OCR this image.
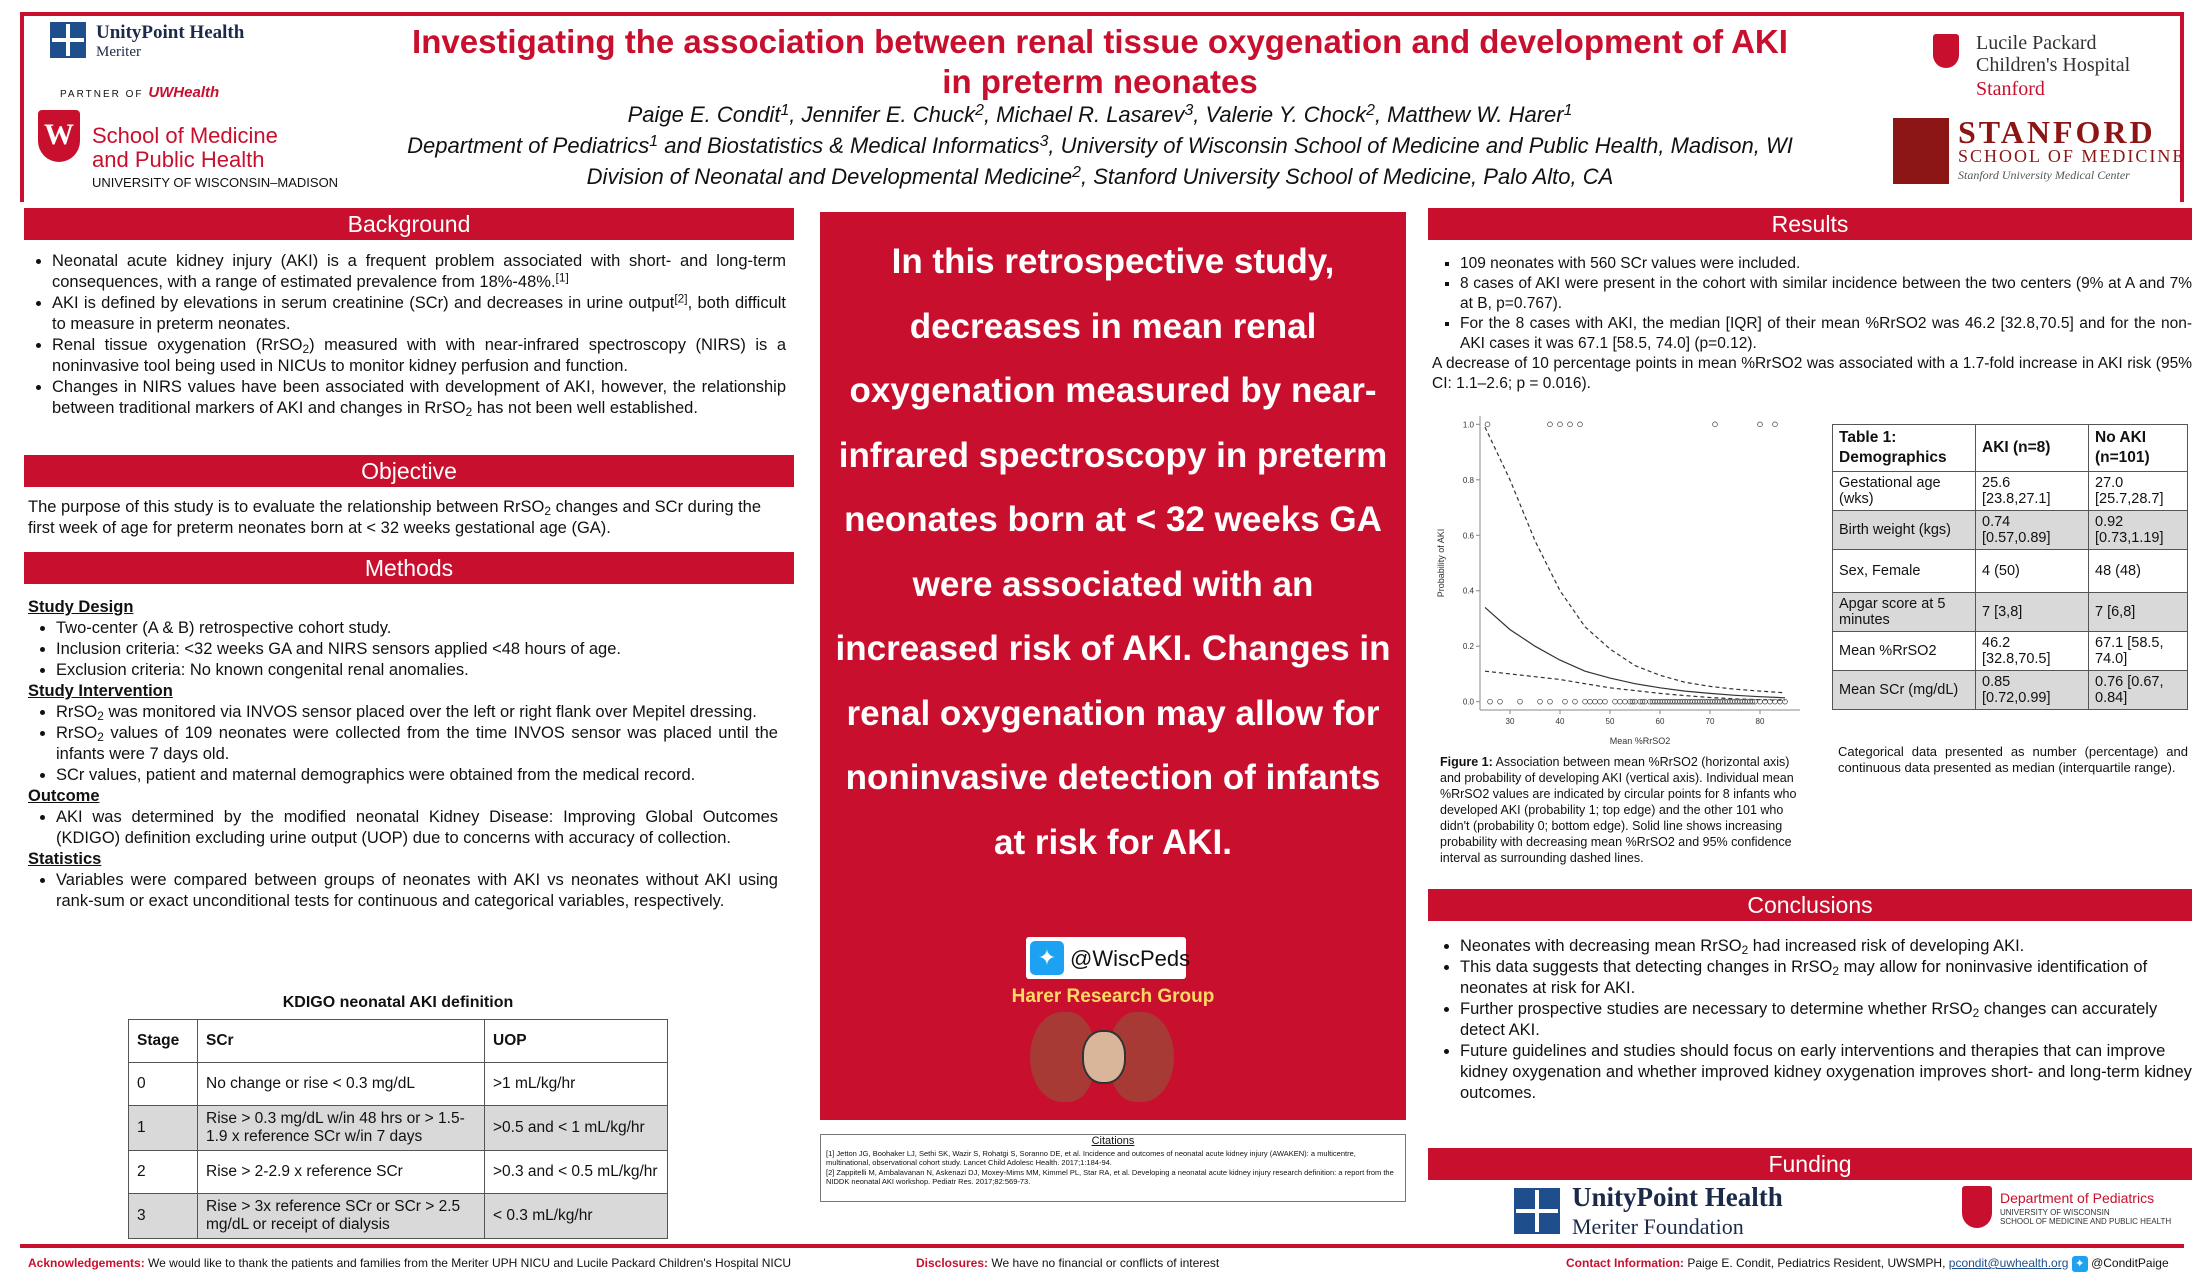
UnityPoint Health
Meriter
PARTNER OF UWHealth
W School of Medicine
and Public Health
UNIVERSITY OF WISCONSIN–MADISON
Lucile Packard
Children's Hospital
Stanford
STANFORD
SCHOOL OF MEDICINE
Stanford University Medical Center
Investigating the association between renal tissue oxygenation and development of AKI
in preterm neonates
Paige E. Condit$^1$, Jennifer E. Chuck$^2$, Michael R. Lasarev$^3$, Valerie Y. Chock$^2$, Matthew W. Harer$^1$
Department of Pediatrics$^1$ and Biostatistics & Medical Informatics$^3$, University of Wisconsin School of Medicine and Public Health, Madison, WI
Division of Neonatal and Developmental Medicine$^2$, Stanford University School of Medicine, Palo Alto, CA
Background
• Neonatal acute kidney injury (AKI) is a frequent problem associated with short- and long-term consequences, with a range of estimated prevalence from 18%-48%.[1]
• AKI is defined by elevations in serum creatinine (SCr) and decreases in urine output[2], both difficult to measure in preterm neonates.
• Renal tissue oxygenation (RrSO$_2$) measured with with near-infrared spectroscopy (NIRS) is a noninvasive tool being used in NICUs to monitor kidney perfusion and function.
• Changes in NIRS values have been associated with development of AKI, however, the relationship between traditional markers of AKI and changes in RrSO$_2$ has not been well established.
Objective
The purpose of this study is to evaluate the relationship between RrSO$_2$ changes and SCr during the first week of age for preterm neonates born at < 32 weeks gestational age (GA).
Methods
Study Design
• Two-center (A & B) retrospective cohort study.
• Inclusion criteria: <32 weeks GA and NIRS sensors applied <48 hours of age.
• Exclusion criteria: No known congenital renal anomalies.
Study Intervention
• RrSO$_2$ was monitored via INVOS sensor placed over the left or right flank over Mepitel dressing.
• RrSO$_2$ values of 109 neonates were collected from the time INVOS sensor was placed until the infants were 7 days old.
• SCr values, patient and maternal demographics were obtained from the medical record.
Outcome
• AKI was determined by the modified neonatal Kidney Disease: Improving Global Outcomes (KDIGO) definition excluding urine output (UOP) due to concerns with accuracy of collection.
Statistics
• Variables were compared between groups of neonates with AKI vs neonates without AKI using rank-sum or exact unconditional tests for continuous and categorical variables, respectively.
KDIGO neonatal AKI definition
Stage	SCr	UOP
0	No change or rise < 0.3 mg/dL	>1 mL/kg/hr
1	Rise > 0.3 mg/dL w/in 48 hrs or > 1.5-1.9 x reference SCr w/in 7 days	>0.5 and < 1 mL/kg/hr
2	Rise > 2-2.9 x reference SCr	>0.3 and < 0.5 mL/kg/hr
3	Rise > 3x reference SCr or SCr > 2.5 mg/dL or receipt of dialysis	< 0.3 mL/kg/hr
In this retrospective study, decreases in mean renal oxygenation measured by near-infrared spectroscopy in preterm neonates born at < 32 weeks GA were associated with an increased risk of AKI. Changes in renal oxygenation may allow for noninvasive detection of infants at risk for AKI.
✦ @WiscPeds
Harer Research Group
Citations
[1] Jetton JG, Boohaker LJ, Sethi SK, Wazir S, Rohatgi S, Soranno DE, et al. Incidence and outcomes of neonatal acute kidney injury (AWAKEN): a multicentre, multinational, observational cohort study. Lancet Child Adolesc Health. 2017;1:184-94.
[2] Zappitelli M, Ambalavanan N, Askenazi DJ, Moxey-Mims MM, Kimmel PL, Star RA, et al. Developing a neonatal acute kidney injury research definition: a report from the NIDDK neonatal AKI workshop. Pediatr Res. 2017;82:569-73.
Results
▪ 109 neonates with 560 SCr values were included.
▪ 8 cases of AKI were present in the cohort with similar incidence between the two centers (9% at A and 7% at B, p=0.767).
▪ For the 8 cases with AKI, the median [IQR] of their mean %RrSO2 was 46.2 [32.8,70.5] and for the non-AKI cases it was 67.1 [58.5, 74.0] (p=0.12).
A decrease of 10 percentage points in mean %RrSO2 was associated with a 1.7-fold increase in AKI risk (95% CI: 1.1–2.6; p = 0.016).
30	40	50	60	70	80
0.0
0.2
0.4
0.6
0.8
1.0
Mean %RrSO2
Probability of AKI
Figure 1: Association between mean %RrSO2 (horizontal axis) and probability of developing AKI (vertical axis). Individual mean %RrSO2 values are indicated by circular points for 8 infants who developed AKI (probability 1; top edge) and the other 101 who didn't (probability 0; bottom edge). Solid line shows increasing probability with decreasing mean %RrSO2 and 95% confidence interval as surrounding dashed lines.
Table 1: Demographics	AKI (n=8)	No AKI (n=101)
Gestational age (wks)	25.6 [23.8,27.1]	27.0 [25.7,28.7]
Birth weight (kgs)	0.74 [0.57,0.89]	0.92 [0.73,1.19]
Sex, Female	4 (50)	48 (48)
Apgar score at 5 minutes	7 [3,8]	7 [6,8]
Mean %RrSO2	46.2 [32.8,70.5]	67.1 [58.5, 74.0]
Mean SCr (mg/dL)	0.85 [0.72,0.99]	0.76 [0.67, 0.84]
Categorical data presented as number (percentage) and continuous data presented as median (interquartile range).
Conclusions
• Neonates with decreasing mean RrSO$_2$ had increased risk of developing AKI.
• This data suggests that detecting changes in RrSO$_2$ may allow for noninvasive identification of neonates at risk for AKI.
• Further prospective studies are necessary to determine whether RrSO$_2$ changes can accurately detect AKI.
• Future guidelines and studies should focus on early interventions and therapies that can improve kidney oxygenation and whether improved kidney oxygenation improves short- and long-term kidney outcomes.
Funding
UnityPoint Health
Meriter Foundation
Department of Pediatrics
UNIVERSITY OF WISCONSIN
SCHOOL OF MEDICINE AND PUBLIC HEALTH
Acknowledgements: We would like to thank the patients and families from the Meriter UPH NICU and Lucile Packard Children's Hospital NICU	Disclosures: We have no financial or conflicts of interest	Contact Information: Paige E. Condit, Pediatrics Resident, UWSMPH, pcondit@uwhealth.org ✦ @ConditPaige
